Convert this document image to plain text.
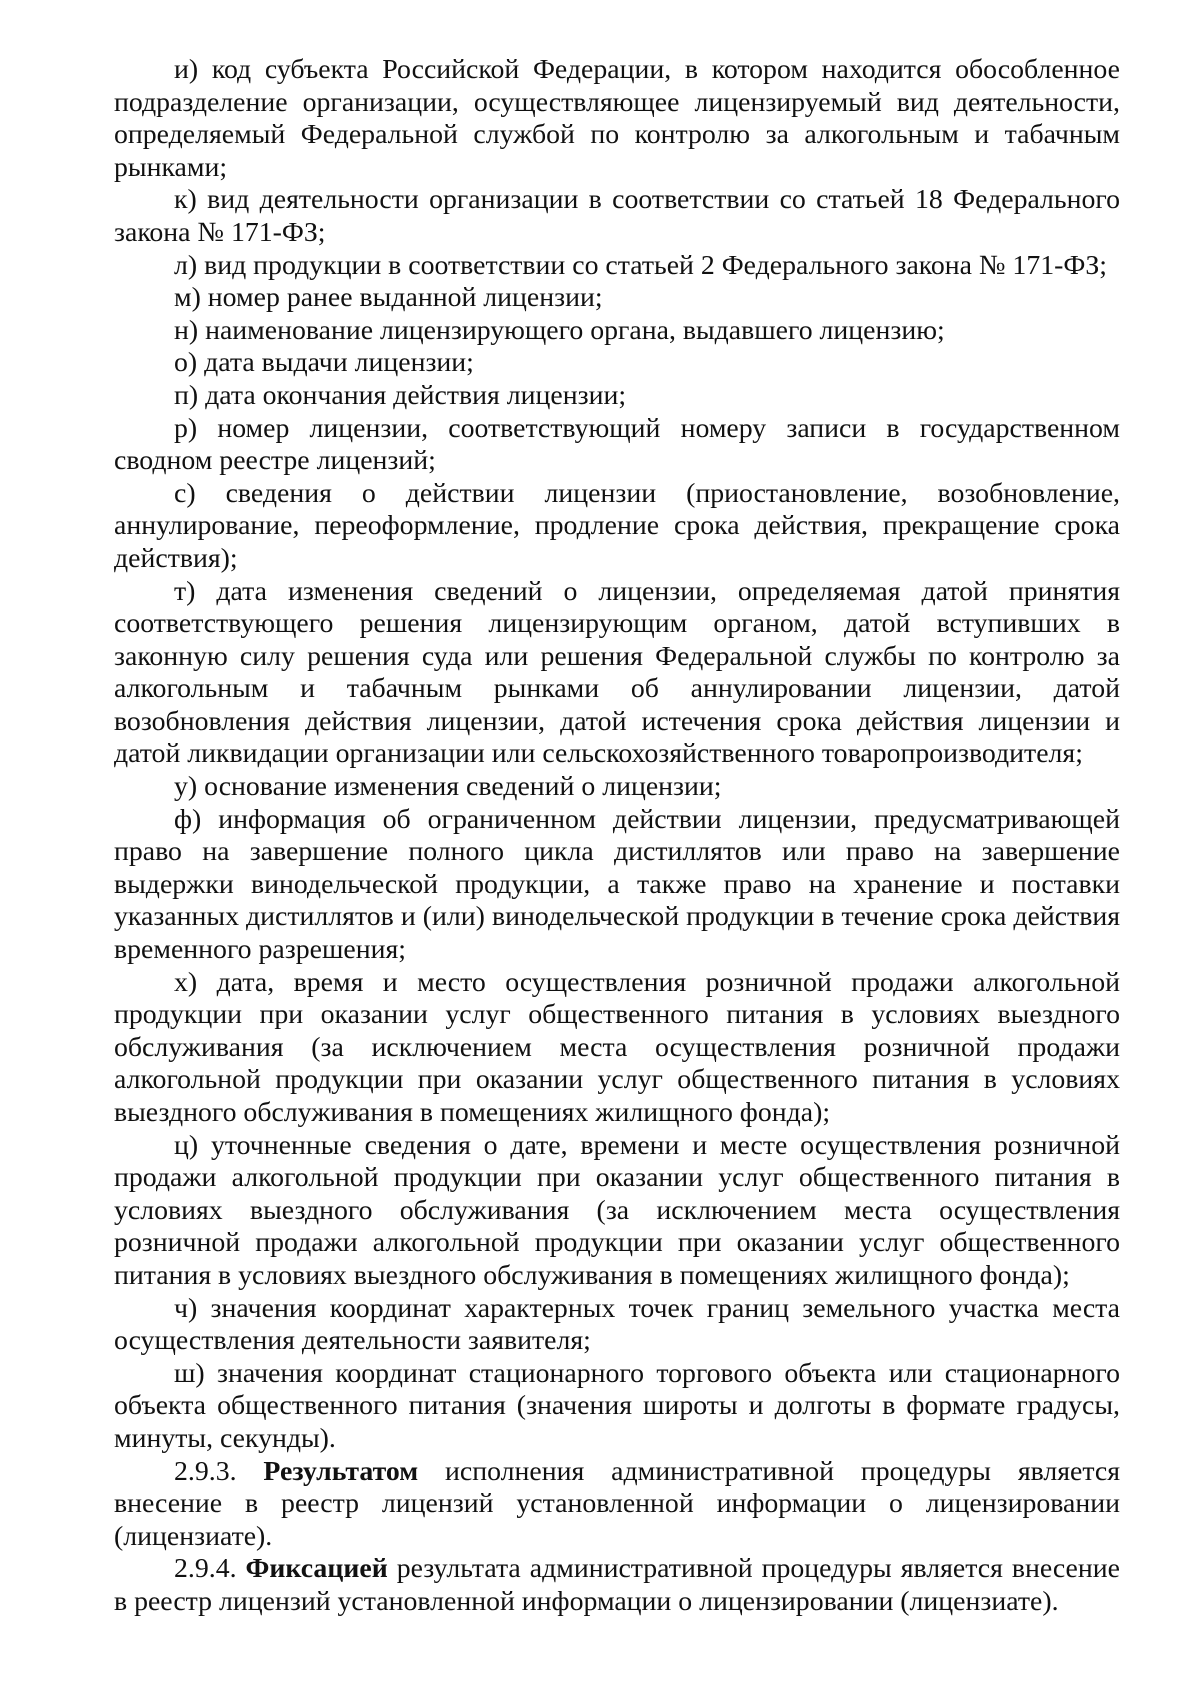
и) код субъекта Российской Федерации, в котором находится обособленное подразделение организации, осуществляющее лицензируемый вид деятельности, определяемый Федеральной службой по контролю за алкогольным и табачным рынками;

к) вид деятельности организации в соответствии со статьей 18 Федерального закона № 171-ФЗ;

л) вид продукции в соответствии со статьей 2 Федерального закона № 171-ФЗ;

м) номер ранее выданной лицензии;

н) наименование лицензирующего органа, выдавшего лицензию;

о) дата выдачи лицензии;

п) дата окончания действия лицензии;

р) номер лицензии, соответствующий номеру записи в государственном сводном реестре лицензий;

с) сведения о действии лицензии (приостановление, возобновление, аннулирование, переоформление, продление срока действия, прекращение срока действия);

т) дата изменения сведений о лицензии, определяемая датой принятия соответствующего решения лицензирующим органом, датой вступивших в законную силу решения суда или решения Федеральной службы по контролю за алкогольным и табачным рынками об аннулировании лицензии, датой возобновления действия лицензии, датой истечения срока действия лицензии и датой ликвидации организации или сельскохозяйственного товаропроизводителя;

у) основание изменения сведений о лицензии;

ф) информация об ограниченном действии лицензии, предусматривающей право на завершение полного цикла дистиллятов или право на завершение выдержки винодельческой продукции, а также право на хранение и поставки указанных дистиллятов и (или) винодельческой продукции в течение срока действия временного разрешения;

х) дата, время и место осуществления розничной продажи алкогольной продукции при оказании услуг общественного питания в условиях выездного обслуживания (за исключением места осуществления розничной продажи алкогольной продукции при оказании услуг общественного питания в условиях выездного обслуживания в помещениях жилищного фонда);

ц) уточненные сведения о дате, времени и месте осуществления розничной продажи алкогольной продукции при оказании услуг общественного питания в условиях выездного обслуживания (за исключением места осуществления розничной продажи алкогольной продукции при оказании услуг общественного питания в условиях выездного обслуживания в помещениях жилищного фонда);

ч) значения координат характерных точек границ земельного участка места осуществления деятельности заявителя;

ш) значения координат стационарного торгового объекта или стационарного объекта общественного питания (значения широты и долготы в формате градусы, минуты, секунды).

2.9.3. Результатом исполнения административной процедуры является внесение в реестр лицензий установленной информации о лицензировании (лицензиате).

2.9.4. Фиксацией результата административной процедуры является внесение в реестр лицензий установленной информации о лицензировании (лицензиате).
